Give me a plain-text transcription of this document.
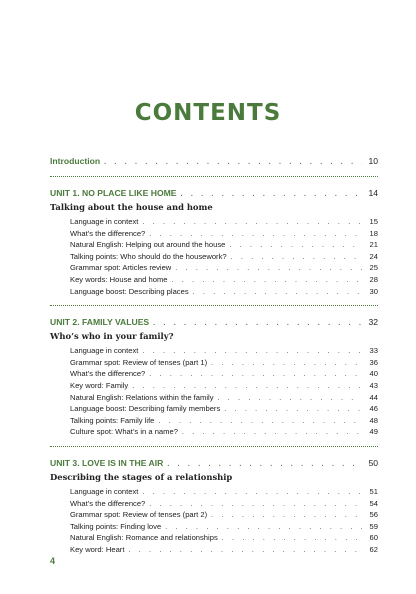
CONTENTS
Introduction . . .	10
UNIT 1. NO PLACE LIKE HOME . . .	14
Talking about the house and home
Language in context . . .	15
What’s the difference? . . .	18
Natural English: Helping out around the house . . .	21
Talking points: Who should do the housework? . . .	24
Grammar spot: Articles review . . .	25
Key words: House and home . . .	28
Language boost: Describing places . . .	30
UNIT 2. FAMILY VALUES . . .	32
Who’s who in your family?
Language in context . . .	33
Grammar spot: Review of tenses (part 1) . . .	36
What’s the difference? . . .	40
Key word: Family . . .	43
Natural English: Relations within the family . . .	44
Language boost: Describing family members . . .	46
Talking points: Family life . . .	48
Culture spot: What’s in a name? . . .	49
UNIT 3. LOVE IS IN THE AIR . . .	50
Describing the stages of a relationship
Language in context . . .	51
What’s the difference? . . .	54
Grammar spot: Review of tenses (part 2) . . .	56
Talking points: Finding love . . .	59
Natural English: Romance and relationships . . .	60
Key word: Heart . . .	62
4
